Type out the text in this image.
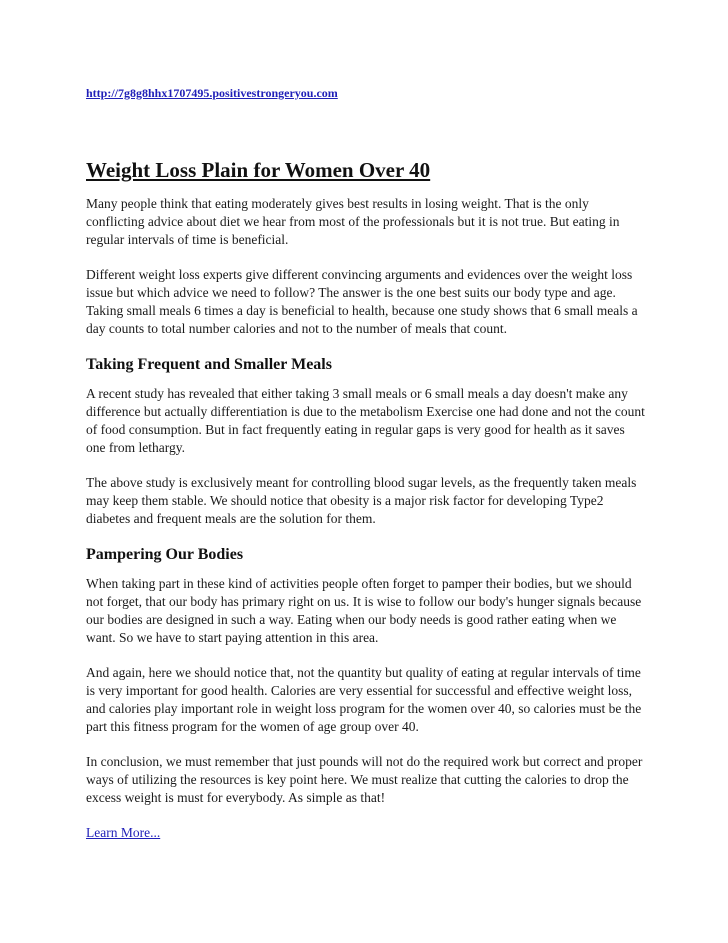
http://7g8g8hhx1707495.positivestrongeryou.com
Weight Loss Plain for Women Over 40

Many people think that eating moderately gives best results in losing weight. That is the only conflicting advice about diet we hear from most of the professionals but it is not true. But eating in regular intervals of time is beneficial.

Different weight loss experts give different convincing arguments and evidences over the weight loss issue but which advice we need to follow? The answer is the one best suits our body type and age. Taking small meals 6 times a day is beneficial to health, because one study shows that 6 small meals a day counts to total number calories and not to the number of meals that count.

Taking Frequent and Smaller Meals

A recent study has revealed that either taking 3 small meals or 6 small meals a day doesn't make any difference but actually differentiation is due to the metabolism Exercise one had done and not the count of food consumption. But in fact frequently eating in regular gaps is very good for health as it saves one from lethargy.

The above study is exclusively meant for controlling blood sugar levels, as the frequently taken meals may keep them stable. We should notice that obesity is a major risk factor for developing Type2 diabetes and frequent meals are the solution for them.

Pampering Our Bodies

When taking part in these kind of activities people often forget to pamper their bodies, but we should not forget, that our body has primary right on us. It is wise to follow our body's hunger signals because our bodies are designed in such a way. Eating when our body needs is good rather eating when we want. So we have to start paying attention in this area.

And again, here we should notice that, not the quantity but quality of eating at regular intervals of time is very important for good health. Calories are very essential for successful and effective weight loss, and calories play important role in weight loss program for the women over 40, so calories must be the part this fitness program for the women of age group over 40.

In conclusion, we must remember that just pounds will not do the required work but correct and proper ways of utilizing the resources is key point here. We must realize that cutting the calories to drop the excess weight is must for everybody. As simple as that!

Learn More...
